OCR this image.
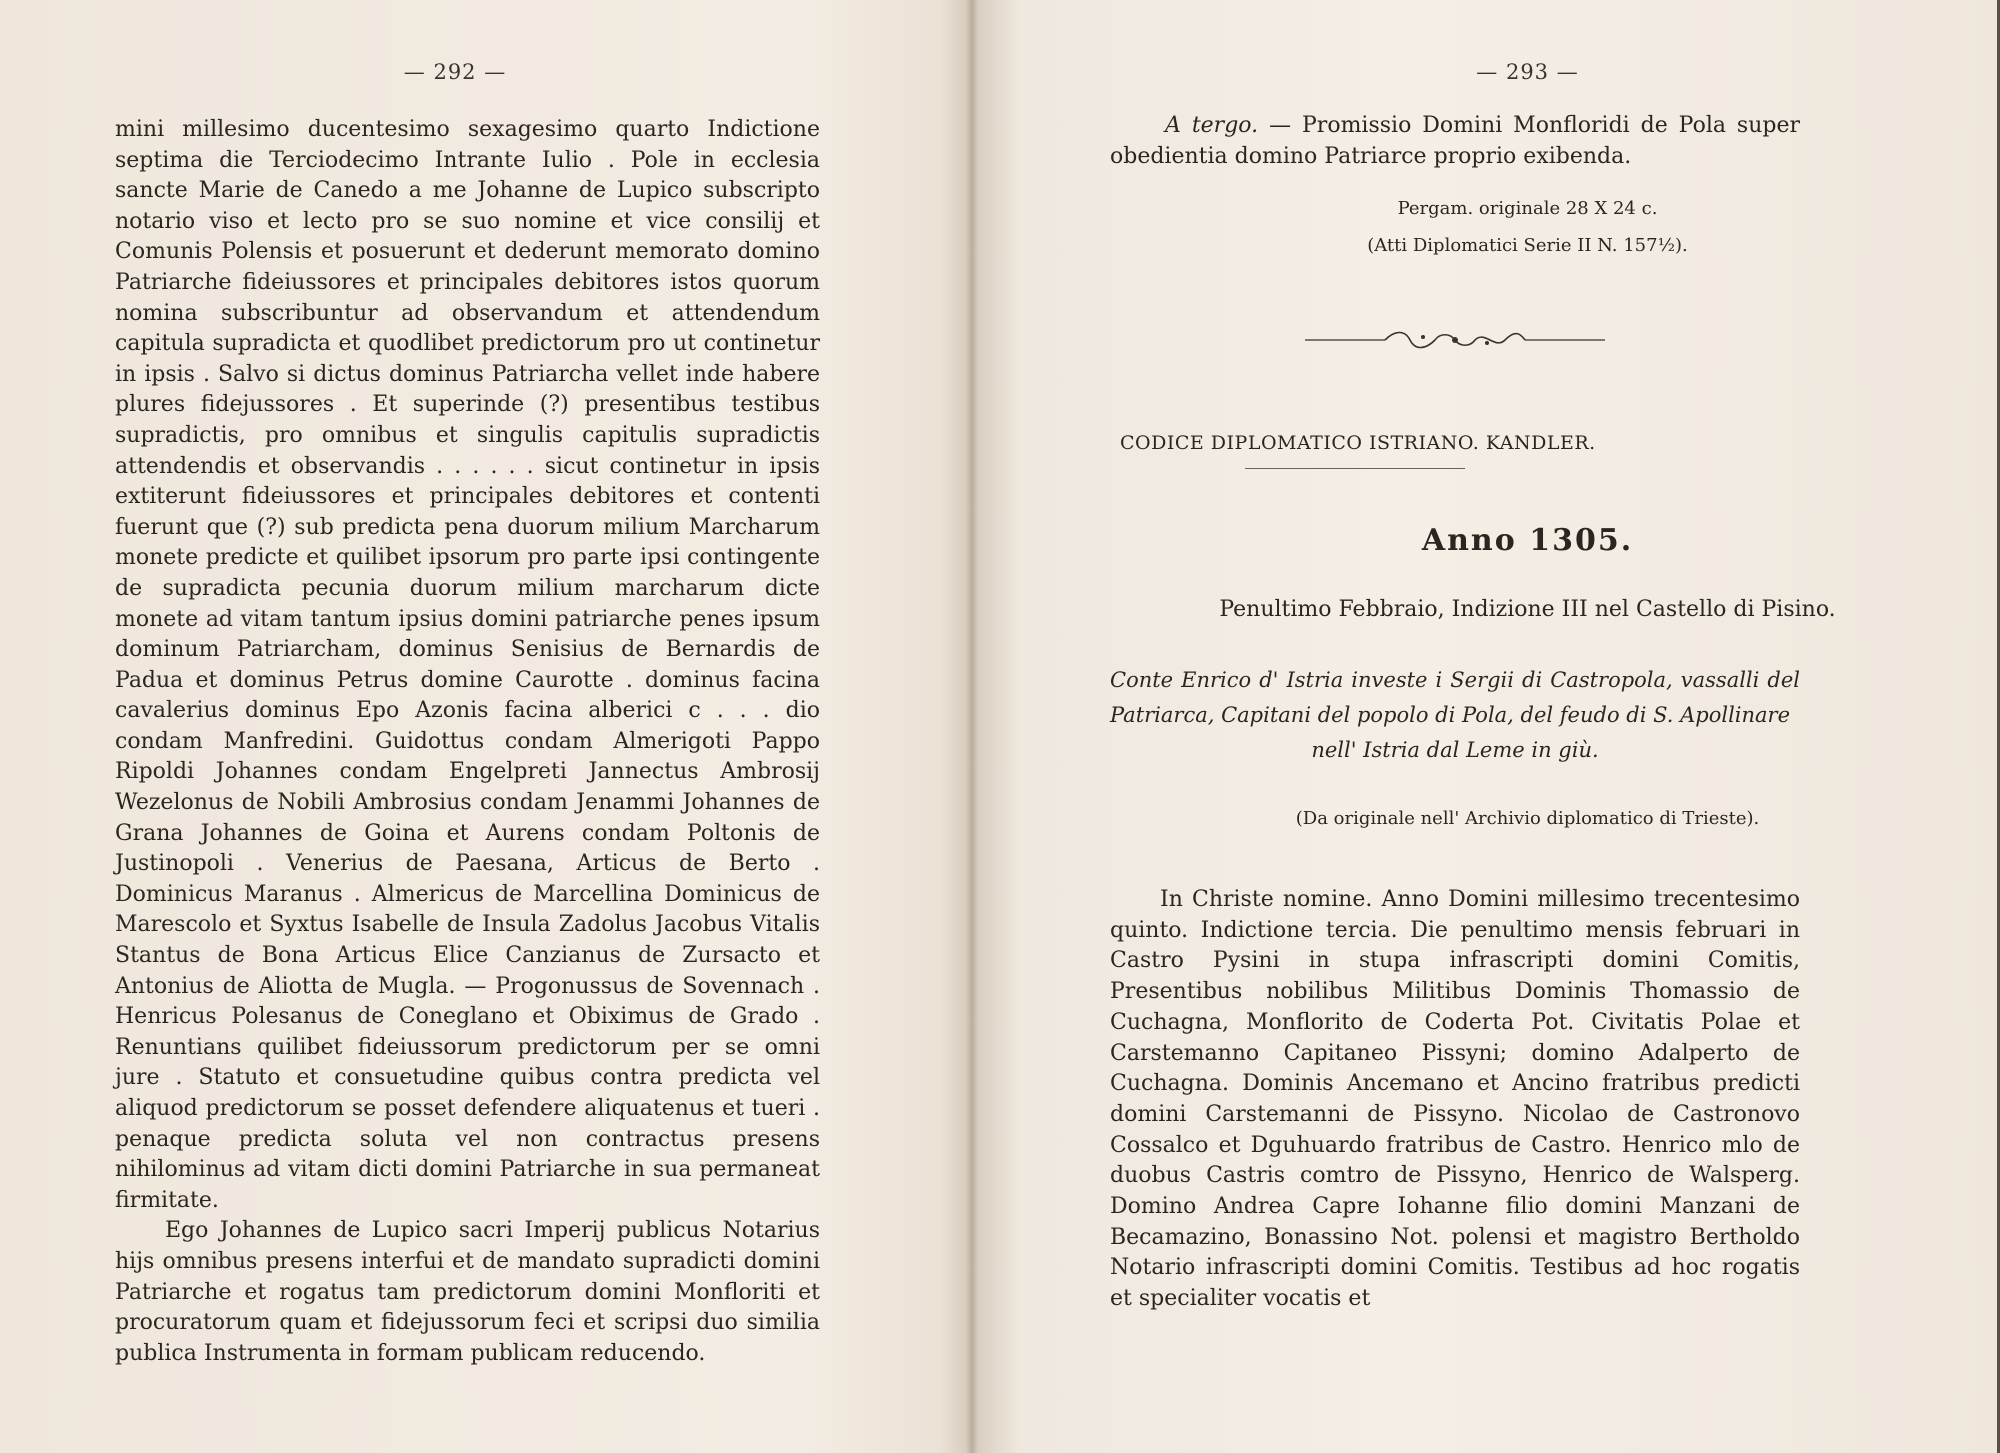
— 292 —

mini millesimo ducentesimo sexagesimo quarto Indictione septima die Terciodecimo Intrante Iulio . Pole in ecclesia sancte Marie de Canedo a me Johanne de Lupico subscripto notario viso et lecto pro se suo nomine et vice consilij et Comunis Polensis et posuerunt et dederunt memorato domino Patriarche fideiussores et principales debitores istos quorum nomina subscribuntur ad observandum et attendendum capitula supradicta et quodlibet predictorum pro ut continetur in ipsis . Salvo si dictus dominus Patriarcha vellet inde habere plures fidejussores . Et superinde (?) presentibus testibus supradictis, pro omnibus et singulis capitulis supradictis attendendis et observandis . . . . . . sicut continetur in ipsis extiterunt fideiussores et principales debitores et contenti fuerunt que (?) sub predicta pena duorum milium Marcharum monete predicte et quilibet ipsorum pro parte ipsi contingente de supradicta pecunia duorum milium marcharum dicte monete ad vitam tantum ipsius domini patriarche penes ipsum dominum Patriarcham, dominus Senisius de Bernardis de Padua et dominus Petrus domine Caurotte . dominus facina cavalerius dominus Epo Azonis facina alberici c . . . dio condam Manfredini. Guidottus condam Almerigoti Pappo Ripoldi Johannes condam Engelpreti Jannectus Ambrosij Wezelonus de Nobili Ambrosius condam Jenammi Johannes de Grana Johannes de Goina et Aurens condam Poltonis de Justinopoli . Venerius de Paesana, Articus de Berto . Dominicus Maranus . Almericus de Marcellina Dominicus de Marescolo et Syxtus Isabelle de Insula Zadolus Jacobus Vitalis Stantus de Bona Articus Elice Canzianus de Zursacto et Antonius de Aliotta de Mugla. — Progonussus de Sovennach . Henricus Polesanus de Coneglano et Obiximus de Grado . Renuntians quilibet fideiussorum predictorum per se omni jure . Statuto et consuetudine quibus contra predicta vel aliquod predictorum se posset defendere aliquatenus et tueri . penaque predicta soluta vel non contractus presens nihilominus ad vitam dicti domini Patriarche in sua permaneat firmitate.

Ego Johannes de Lupico sacri Imperij publicus Notarius hijs omnibus presens interfui et de mandato supradicti domini Patriarche et rogatus tam predictorum domini Monfloriti et procuratorum quam et fidejussorum feci et scripsi duo similia publica Instrumenta in formam publicam reducendo.

— 293 —

A tergo. — Promissio Domini Monfloridi de Pola super obedientia domino Patriarce proprio exibenda.

Pergam. originale 28 X 24 c.
(Atti Diplomatici Serie II N. 157½).
CODICE DIPLOMATICO ISTRIANO. KANDLER.
Anno 1305.
Penultimo Febbraio, Indizione III nel Castello di Pisino.
Conte Enrico d' Istria investe i Sergii di Castropola, vassalli del Patriarca, Capitani del popolo di Pola, del feudo di S. Apollinare
nell' Istria dal Leme in giù.
(Da originale nell' Archivio diplomatico di Trieste).

In Christe nomine. Anno Domini millesimo trecentesimo quinto. Indictione tercia. Die penultimo mensis februari in Castro Pysini in stupa infrascripti domini Comitis, Presentibus nobilibus Militibus Dominis Thomassio de Cuchagna, Monflorito de Coderta Pot. Civitatis Polae et Carstemanno Capitaneo Pissyni; domino Adalperto de Cuchagna. Dominis Ancemano et Ancino fratribus predicti domini Carstemanni de Pissyno. Nicolao de Castronovo Cossalco et Dguhuardo fratribus de Castro. Henrico mlo de duobus Castris comtro de Pissyno, Henrico de Walsperg. Domino Andrea Capre Iohanne filio domini Manzani de Becamazino, Bonassino Not. polensi et magistro Bertholdo Notario infrascripti domini Comitis. Testibus ad hoc rogatis et specialiter vocatis et
